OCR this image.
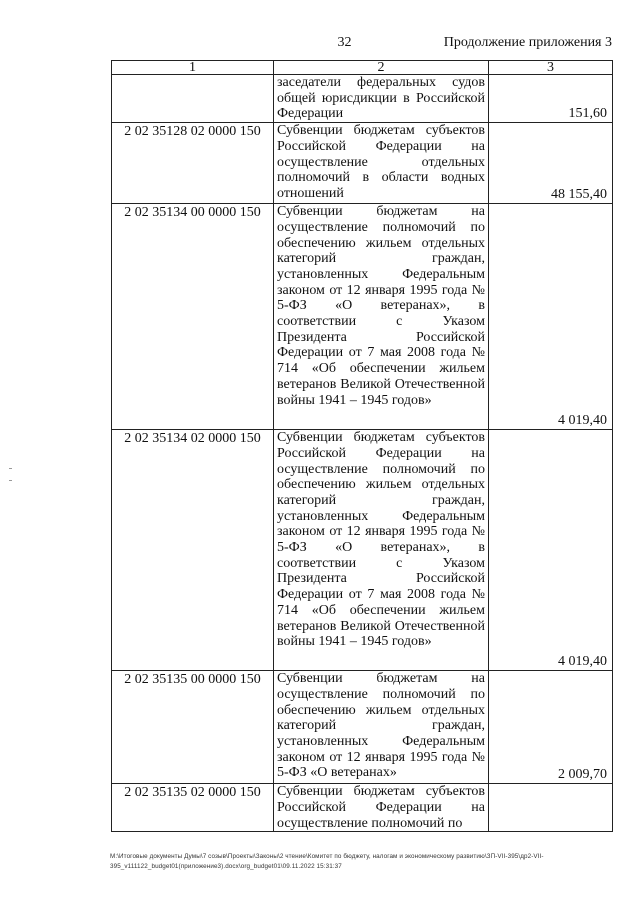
32	Продолжение приложения 3
1	2	3
	заседатели федеральных судов общей юрисдикции в Российской Федерации	151,60
2 02 35128 02 0000 150	Субвенции бюджетам субъектов Российской Федерации на осуществление отдельных полномочий в области водных отношений	48 155,40
2 02 35134 00 0000 150	Субвенции бюджетам на осуществление полномочий по обеспечению жильем отдельных категорий граждан, установленных Федеральным законом от 12 января 1995 года № 5-ФЗ «О ветеранах», в соответствии с Указом Президента Российской Федерации от 7 мая 2008 года № 714 «Об обеспечении жильем ветеранов Великой Отечественной войны 1941 – 1945 годов»	4 019,40
2 02 35134 02 0000 150	Субвенции бюджетам субъектов Российской Федерации на осуществление полномочий по обеспечению жильем отдельных категорий граждан, установленных Федеральным законом от 12 января 1995 года № 5-ФЗ «О ветеранах», в соответствии с Указом Президента Российской Федерации от 7 мая 2008 года № 714 «Об обеспечении жильем ветеранов Великой Отечественной войны 1941 – 1945 годов»	4 019,40
2 02 35135 00 0000 150	Субвенции бюджетам на осуществление полномочий по обеспечению жильем отдельных категорий граждан, установленных Федеральным законом от 12 января 1995 года № 5-ФЗ «О ветеранах»	2 009,70
2 02 35135 02 0000 150	Субвенции бюджетам субъектов Российской Федерации на осуществление полномочий по	
M:\Итоговые документы Думы\7 созыв\Проекты\Законы\2 чтение\Комитет по бюджету, налогам и экономическому развитию\ЗП-VII-395\др2-VII-395_v111122_budget01(приложение3).docx\org_budget01\09.11.2022 15:31:37
